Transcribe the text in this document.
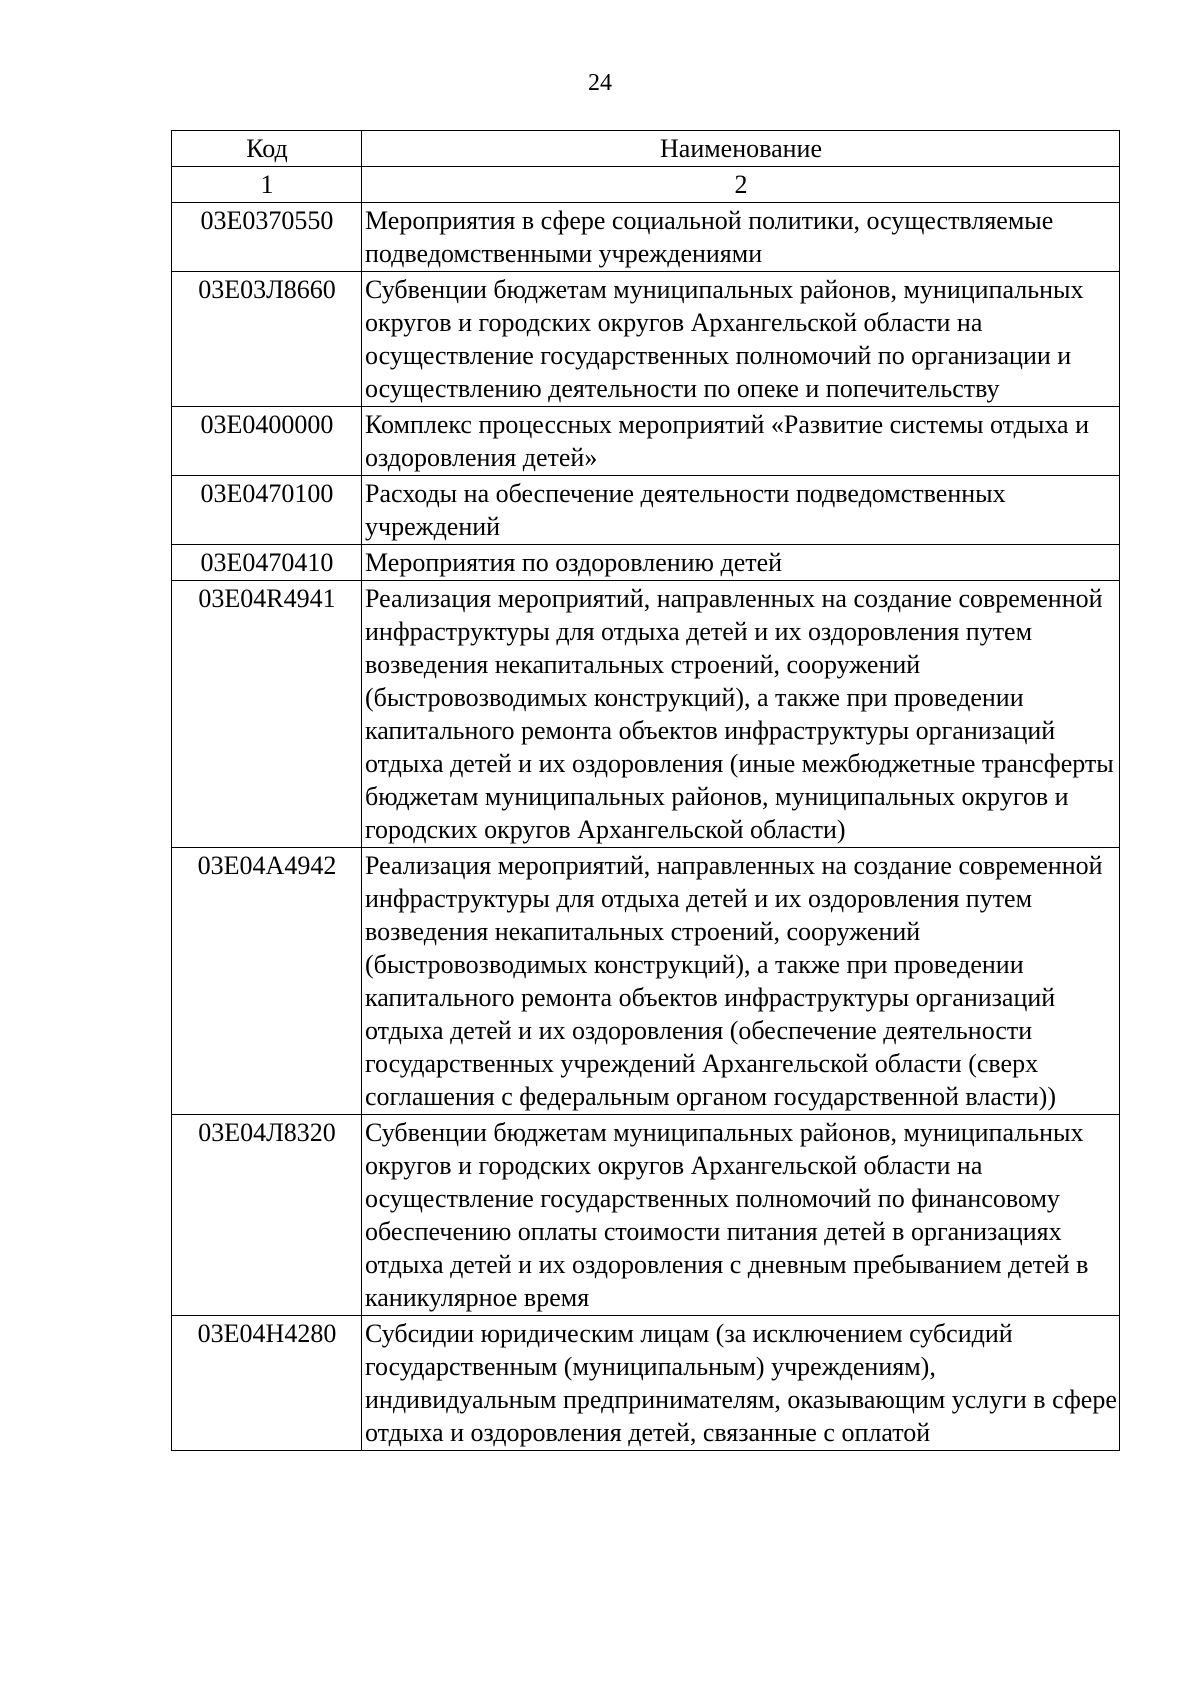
24
Код	Наименование
1	2
03Е0370550	Мероприятия в сфере социальной политики, осуществляемые подведомственными учреждениями
03Е03Л8660	Субвенции бюджетам муниципальных районов, муниципальных округов и городских округов Архангельской области на осуществление государственных полномочий по организации и осуществлению деятельности по опеке и попечительству
03Е0400000	Комплекс процессных мероприятий «Развитие системы отдыха и оздоровления детей»
03Е0470100	Расходы на обеспечение деятельности подведомственных учреждений
03Е0470410	Мероприятия по оздоровлению детей
03Е04R4941	Реализация мероприятий, направленных на создание современной инфраструктуры для отдыха детей и их оздоровления путем возведения некапитальных строений, сооружений (быстровозводимых конструкций), а также при проведении капитального ремонта объектов инфраструктуры организаций отдыха детей и их оздоровления (иные межбюджетные трансферты бюджетам муниципальных районов, муниципальных округов и городских округов Архангельской области)
03Е04А4942	Реализация мероприятий, направленных на создание современной инфраструктуры для отдыха детей и их оздоровления путем возведения некапитальных строений, сооружений (быстровозводимых конструкций), а также при проведении капитального ремонта объектов инфраструктуры организаций отдыха детей и их оздоровления (обеспечение деятельности государственных учреждений Архангельской области (сверх соглашения с федеральным органом государственной власти))
03Е04Л8320	Субвенции бюджетам муниципальных районов, муниципальных округов и городских округов Архангельской области на осуществление государственных полномочий по финансовому обеспечению оплаты стоимости питания детей в организациях отдыха детей и их оздоровления с дневным пребыванием детей в каникулярное время
03Е04Н4280	Субсидии юридическим лицам (за исключением субсидий государственным (муниципальным) учреждениям), индивидуальным предпринимателям, оказывающим услуги в сфере отдыха и оздоровления детей, связанные с оплатой
